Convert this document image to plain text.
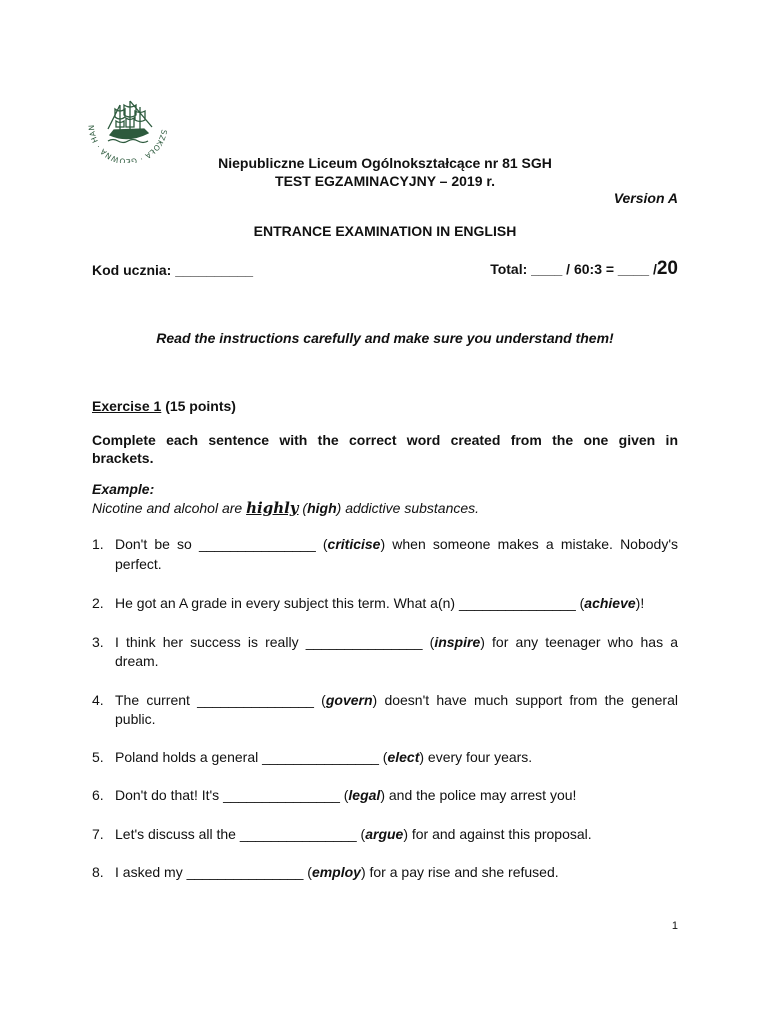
SZKOŁA · GŁÓWNA · HAN
Niepubliczne Liceum Ogólnokształcące nr 81 SGH
TEST EGZAMINACYJNY – 2019 r.
Version A
ENTRANCE EXAMINATION IN ENGLISH
Kod ucznia: __________	Total: ____ / 60:3 = ____ /20
Read the instructions carefully and make sure you understand them!
Exercise 1 (15 points)
Complete each sentence with the correct word created from the one given in brackets.
Example:
Nicotine and alcohol are highly (high) addictive substances.
1. Don't be so _______________ (criticise) when someone makes a mistake. Nobody's perfect.
2. He got an A grade in every subject this term. What a(n) _______________ (achieve)!
3. I think her success is really _______________ (inspire) for any teenager who has a dream.
4. The current _______________ (govern) doesn't have much support from the general public.
5. Poland holds a general _______________ (elect) every four years.
6. Don't do that! It's _______________ (legal) and the police may arrest you!
7. Let's discuss all the _______________ (argue) for and against this proposal.
8. I asked my _______________ (employ) for a pay rise and she refused.
1
